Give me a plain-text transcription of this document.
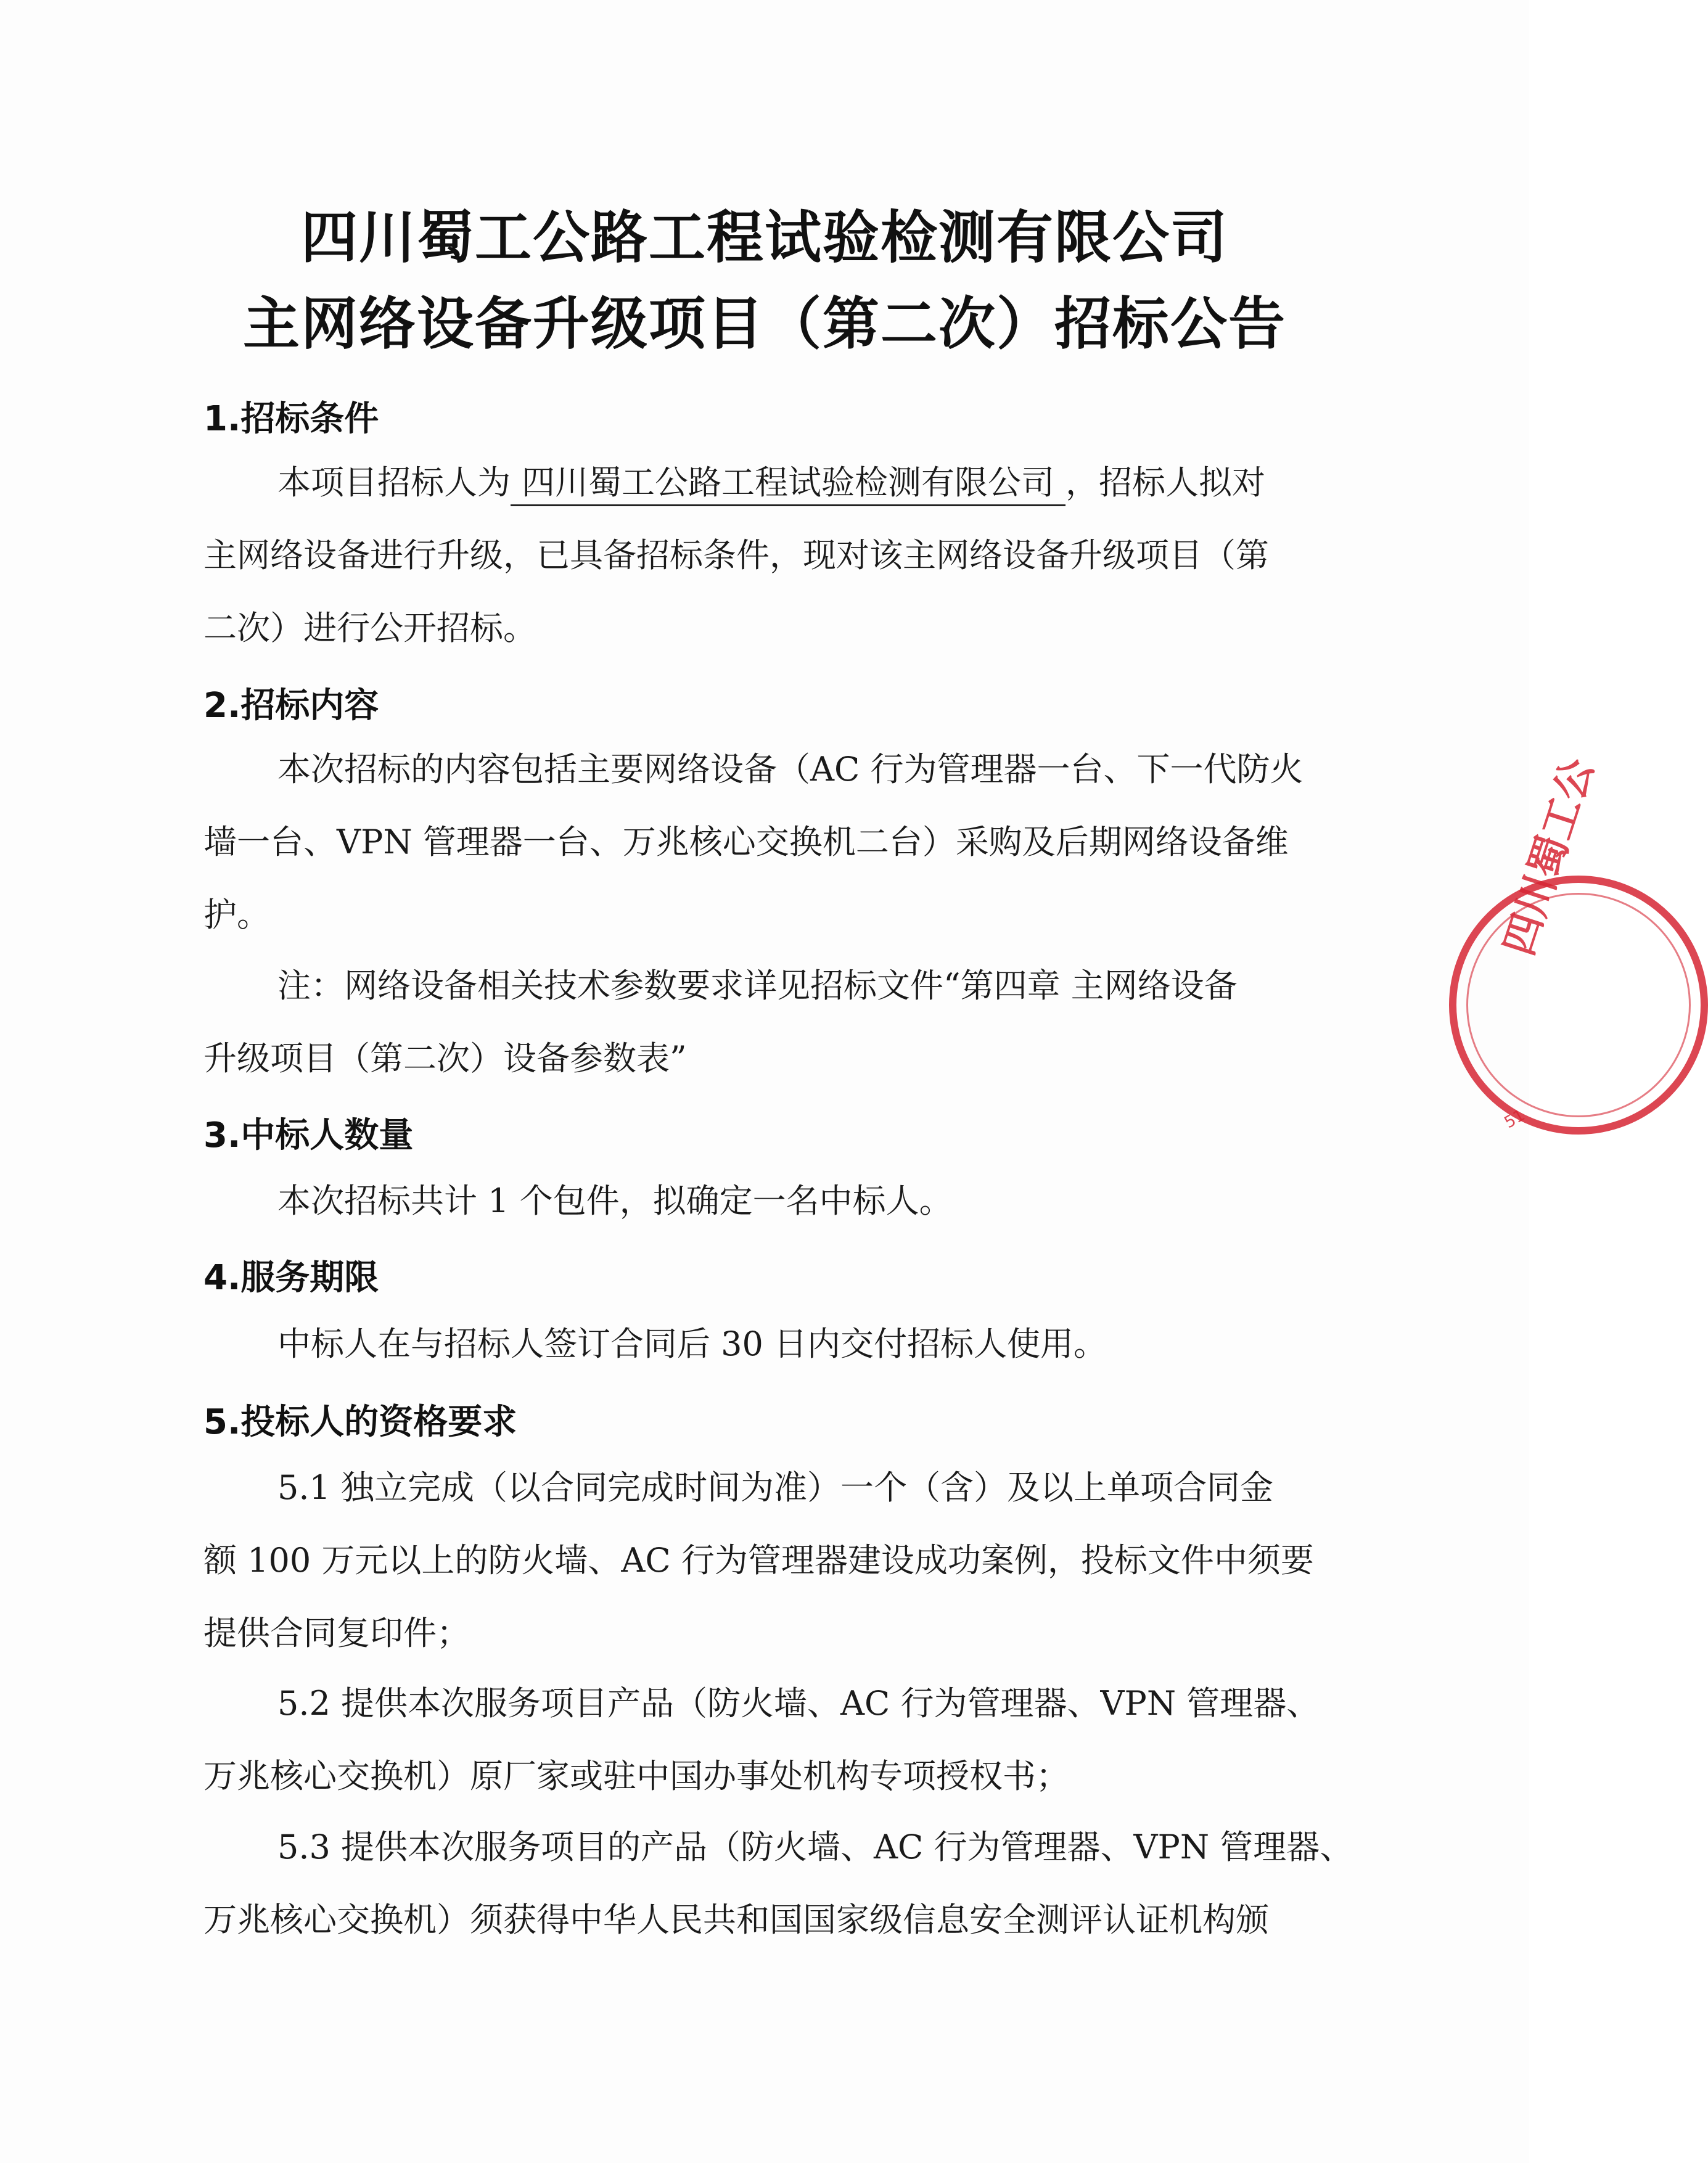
四川蜀工公路工程试验检测有限公司
主网络设备升级项目（第二次）招标公告
1.招标条件
本项目招标人为 四川蜀工公路工程试验检测有限公司 ，招标人拟对
主网络设备进行升级，已具备招标条件，现对该主网络设备升级项目（第
二次）进行公开招标。
2.招标内容
本次招标的内容包括主要网络设备（AC 行为管理器一台、下一代防火
墙一台、VPN 管理器一台、万兆核心交换机二台）采购及后期网络设备维
护。
注：网络设备相关技术参数要求详见招标文件“第四章 主网络设备
升级项目（第二次）设备参数表”
3.中标人数量
本次招标共计 1 个包件，拟确定一名中标人。
4.服务期限
中标人在与招标人签订合同后 30 日内交付招标人使用。
5.投标人的资格要求
5.1 独立完成（以合同完成时间为准）一个（含）及以上单项合同金
额 100 万元以上的防火墙、AC 行为管理器建设成功案例，投标文件中须要
提供合同复印件；
5.2 提供本次服务项目产品（防火墙、AC 行为管理器、VPN 管理器、
万兆核心交换机）原厂家或驻中国办事处机构专项授权书；
5.3 提供本次服务项目的产品（防火墙、AC 行为管理器、VPN 管理器、
万兆核心交换机）须获得中华人民共和国国家级信息安全测评认证机构颁
四川蜀工公
51
